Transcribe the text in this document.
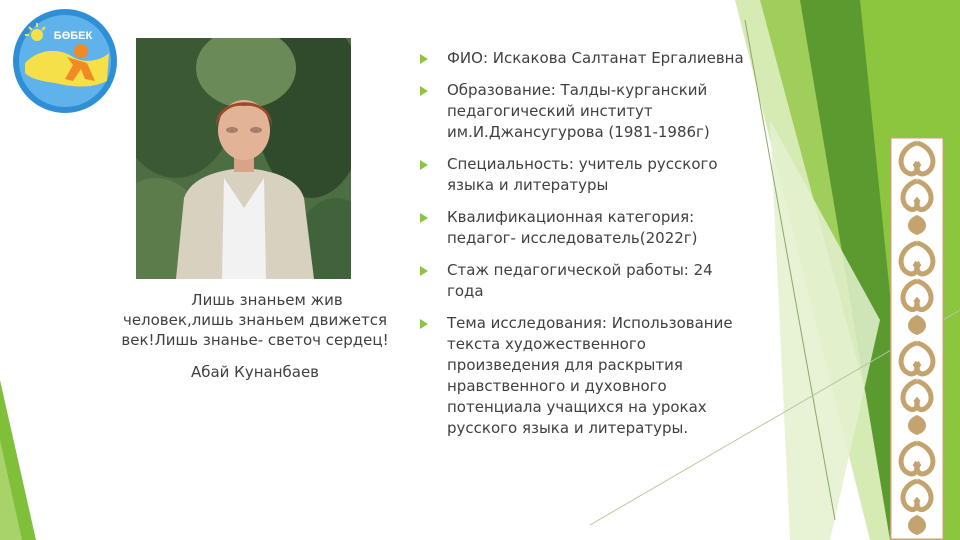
БӨБЕК
Лишь знаньем жив человек,лишь знаньем движется век!Лишь знанье- светоч сердец!
Абай Кунанбаев
ФИО: Искакова Салтанат Ергалиевна
Образование: Талды-курганский педагогический институт им.И.Джансугурова (1981-1986г)
Специальность: учитель русского языка и литературы
Квалификационная категория: педагог- исследователь(2022г)
Стаж педагогической работы: 24 года
Тема исследования: Использование текста художественного произведения для раскрытия нравственного и духовного потенциала учащихся на уроках русского языка и литературы.
